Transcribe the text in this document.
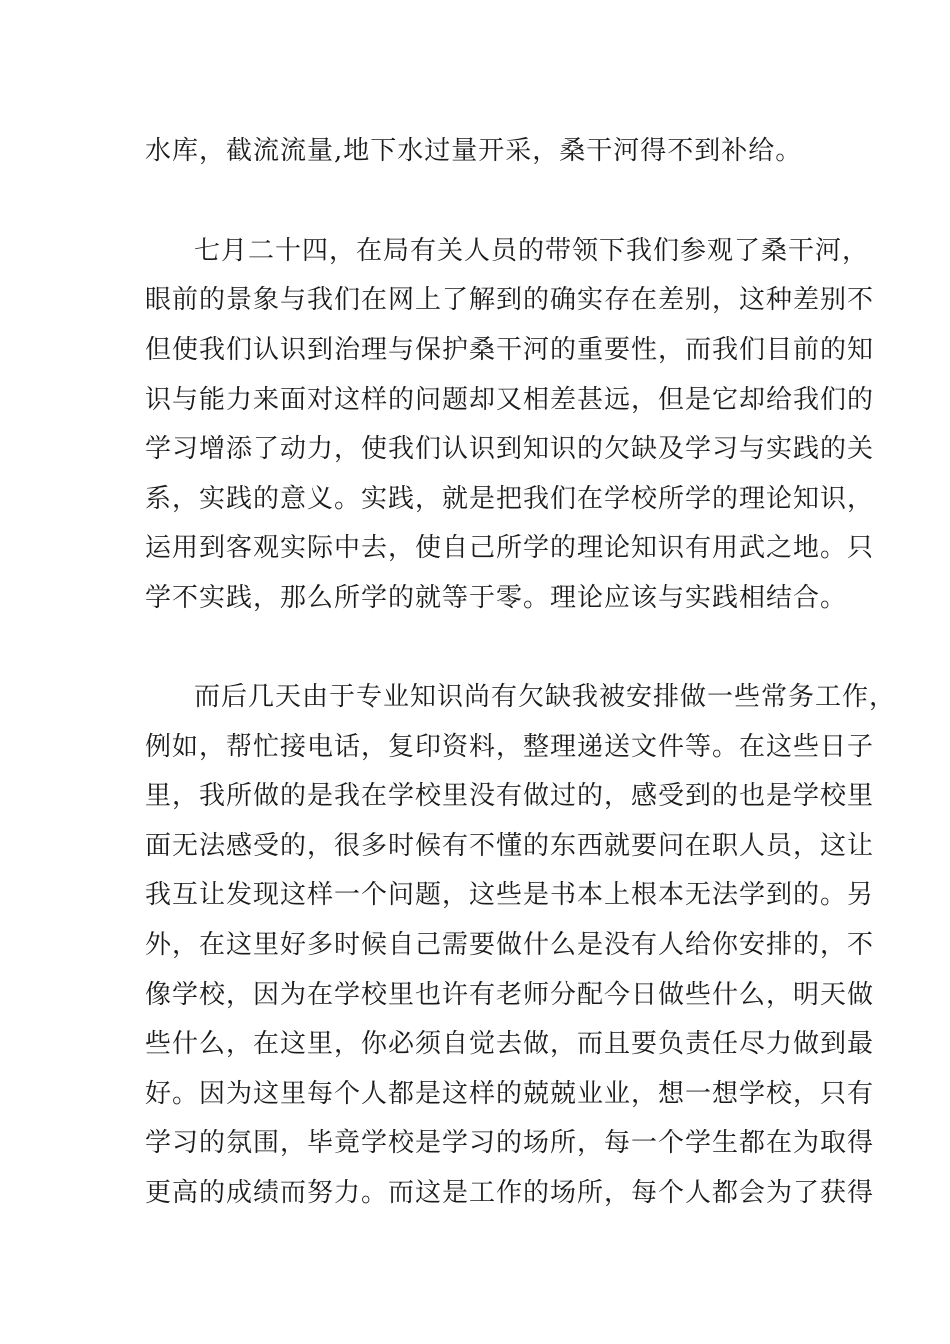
水库，截流流量,地下水过量开采，桑干河得不到补给。
七月二十四，在局有关人员的带领下我们参观了桑干河，
眼前的景象与我们在网上了解到的确实存在差别，这种差别不
但使我们认识到治理与保护桑干河的重要性，而我们目前的知
识与能力来面对这样的问题却又相差甚远，但是它却给我们的
学习增添了动力，使我们认识到知识的欠缺及学习与实践的关
系，实践的意义。实践，就是把我们在学校所学的理论知识，
运用到客观实际中去，使自己所学的理论知识有用武之地。只
学不实践，那么所学的就等于零。理论应该与实践相结合。
而后几天由于专业知识尚有欠缺我被安排做一些常务工作，
例如，帮忙接电话，复印资料，整理递送文件等。在这些日子
里，我所做的是我在学校里没有做过的，感受到的也是学校里
面无法感受的，很多时候有不懂的东西就要问在职人员，这让
我互让发现这样一个问题，这些是书本上根本无法学到的。另
外，在这里好多时候自己需要做什么是没有人给你安排的，不
像学校，因为在学校里也许有老师分配今日做些什么，明天做
些什么，在这里，你必须自觉去做，而且要负责任尽力做到最
好。因为这里每个人都是这样的兢兢业业，想一想学校，只有
学习的氛围，毕竟学校是学习的场所，每一个学生都在为取得
更高的成绩而努力。而这是工作的场所，每个人都会为了获得
